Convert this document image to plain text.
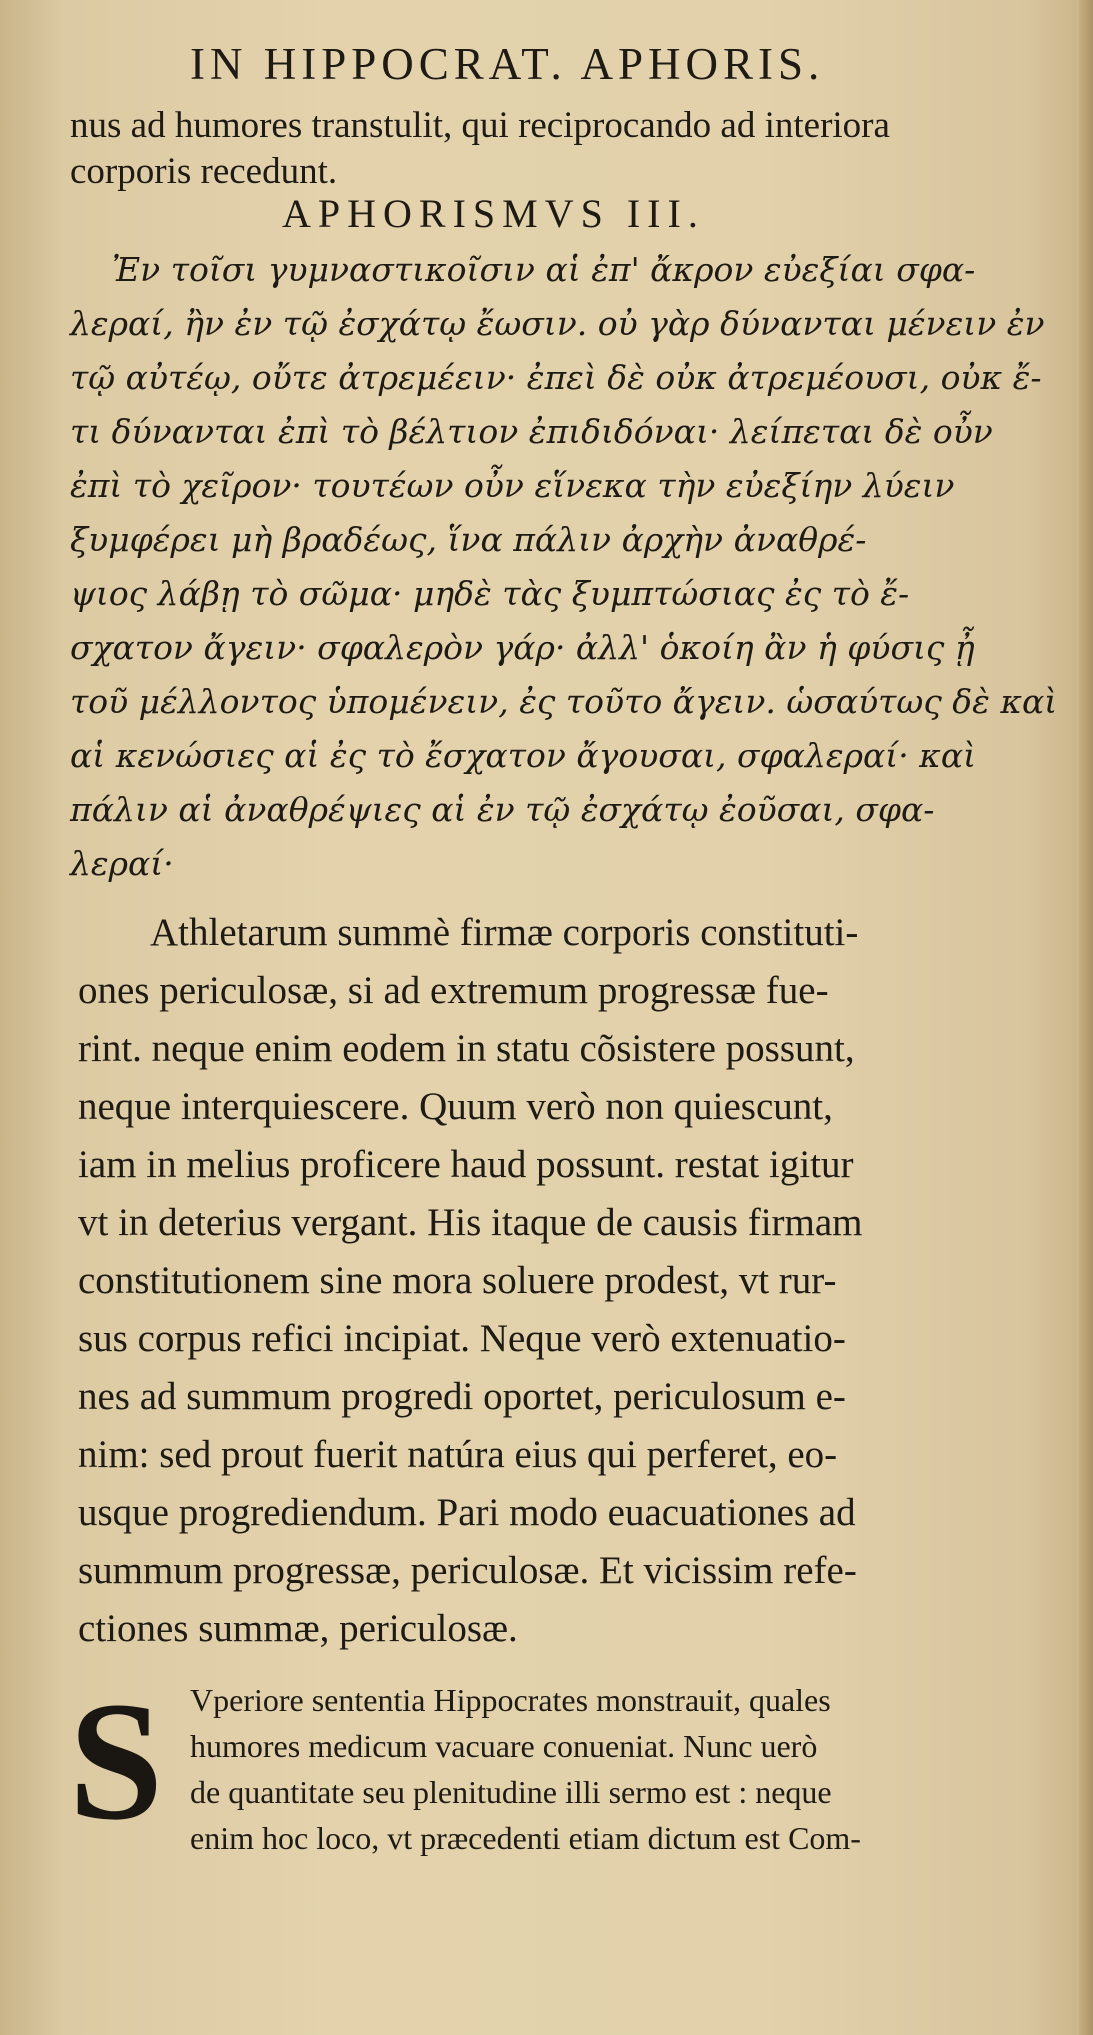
IN HIPPOCRAT. APHORIS.
nus ad humores transtulit, qui reciprocando ad interiora
corporis recedunt.
APHORISMVS III.
Ἐν τοῖσι γυμναστικοῖσιν αἱ ἐπ' ἄκρον εὐεξίαι σφα-
λεραί, ἢν ἐν τῷ ἐσχάτῳ ἔωσιν. οὐ γὰρ δύνανται μένειν ἐν
τῷ αὐτέῳ, οὔτε ἀτρεμέειν· ἐπεὶ δὲ οὐκ ἀτρεμέουσι, οὐκ ἔ-
τι δύνανται ἐπὶ τὸ βέλτιον ἐπιδιδόναι· λείπεται δὲ οὖν
ἐπὶ τὸ χεῖρον· τουτέων οὖν εἵνεκα τὴν εὐεξίην λύειν
ξυμφέρει μὴ βραδέως, ἵνα πάλιν ἀρχὴν ἀναθρέ-
ψιος λάβῃ τὸ σῶμα· μηδὲ τὰς ξυμπτώσιας ἐς τὸ ἔ-
σχατον ἄγειν· σφαλερὸν γάρ· ἀλλ' ὁκοίη ἂν ἡ φύσις ᾖ
τοῦ μέλλοντος ὑπομένειν, ἐς τοῦτο ἄγειν. ὡσαύτως δὲ καὶ
αἱ κενώσιες αἱ ἐς τὸ ἔσχατον ἄγουσαι, σφαλεραί· καὶ
πάλιν αἱ ἀναθρέψιες αἱ ἐν τῷ ἐσχάτῳ ἐοῦσαι, σφα-
λεραί·
Athletarum summè firmæ corporis constituti-
ones periculosæ, si ad extremum progressæ fue-
rint. neque enim eodem in statu cõsistere possunt,
neque interquiescere. Quum verò non quiescunt,
iam in melius proficere haud possunt. restat igitur
vt in deterius vergant. His itaque de causis firmam
constitutionem sine mora soluere prodest, vt rur-
sus corpus refici incipiat. Neque verò extenuatio-
nes ad summum progredi oportet, periculosum e-
nim: sed prout fuerit natúra eius qui perferet, eo-
usque progrediendum. Pari modo euacuationes ad
summum progressæ, periculosæ. Et vicissim refe-
ctiones summæ, periculosæ.
S Vperiore sententia Hippocrates monstrauit, quales
humores medicum vacuare conueniat. Nunc uerò
de quantitate seu plenitudine illi sermo est : neque
enim hoc loco, vt præcedenti etiam dictum est Com-
